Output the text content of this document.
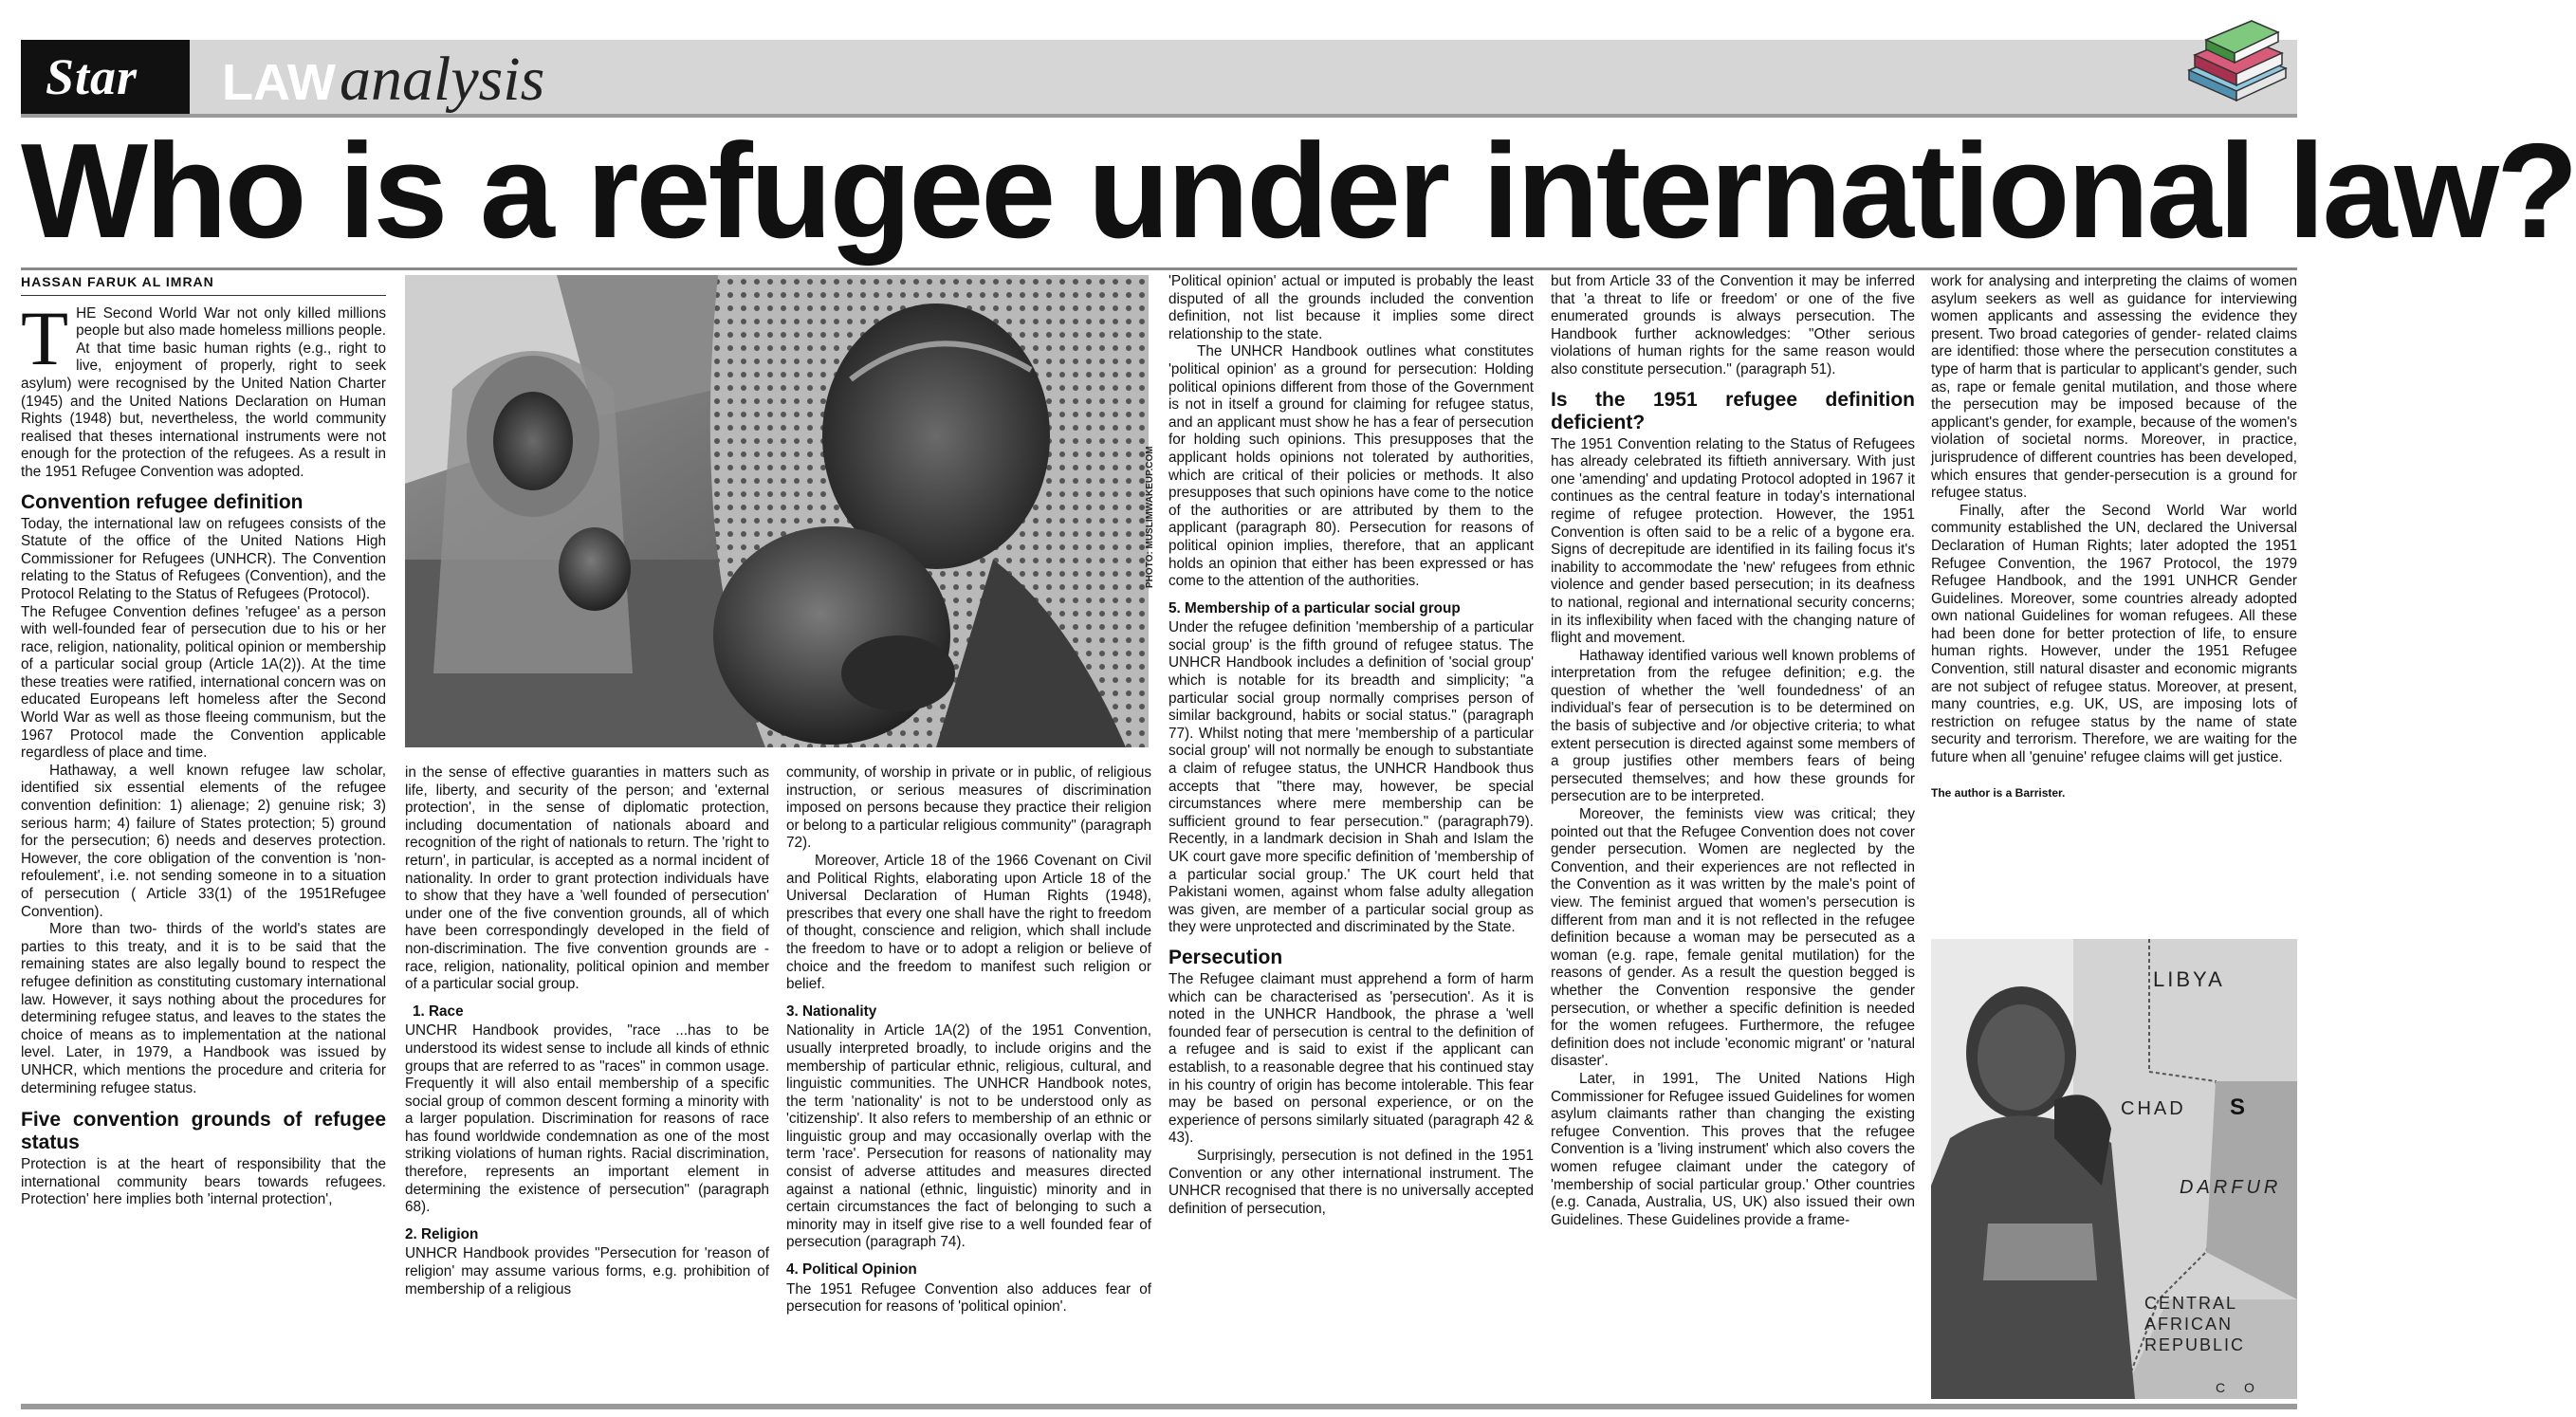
Star	LAWanalysis
Who is a refugee under international law?
HASSAN FARUK AL IMRAN

THE Second World War not only killed millions people but also made homeless millions people. At that time basic human rights (e.g., right to live, enjoyment of properly, right to seek asylum) were recognised by the United Nation Charter (1945) and the United Nations Declaration on Human Rights (1948) but, nevertheless, the world community realised that theses international instruments were not enough for the protection of the refugees. As a result in the 1951 Refugee Convention was adopted.

Convention refugee definition

Today, the international law on refugees consists of the Statute of the office of the United Nations High Commissioner for Refugees (UNHCR). The Convention relating to the Status of Refugees (Convention), and the Protocol Relating to the Status of Refugees (Protocol).

The Refugee Convention defines 'refugee' as a person with well-founded fear of persecution due to his or her race, religion, nationality, political opinion or membership of a particular social group (Article 1A(2)). At the time these treaties were ratified, international concern was on educated Europeans left homeless after the Second World War as well as those fleeing communism, but the 1967 Protocol made the Convention applicable regardless of place and time.

Hathaway, a well known refugee law scholar, identified six essential elements of the refugee convention definition: 1) alienage; 2) genuine risk; 3) serious harm; 4) failure of States protection; 5) ground for the persecution; 6) needs and deserves protection. However, the core obligation of the convention is 'non-refoulement', i.e. not sending someone in to a situation of persecution ( Article 33(1) of the 1951Refugee Convention).

More than two- thirds of the world's states are parties to this treaty, and it is to be said that the remaining states are also legally bound to respect the refugee definition as constituting customary international law. However, it says nothing about the procedures for determining refugee status, and leaves to the states the choice of means as to implementation at the national level. Later, in 1979, a Handbook was issued by UNHCR, which mentions the procedure and criteria for determining refugee status.

Five convention grounds of refugee status

Protection is at the heart of responsibility that the international community bears towards refugees. Protection' here implies both 'internal protection',

PHOTO: MUSLIMWAKEUP.COM

in the sense of effective guaranties in matters such as life, liberty, and security of the person; and 'external protection', in the sense of diplomatic protection, including documentation of nationals aboard and recognition of the right of nationals to return. The 'right to return', in particular, is accepted as a normal incident of nationality. In order to grant protection individuals have to show that they have a 'well founded of persecution' under one of the five convention grounds, all of which have been correspondingly developed in the field of non-discrimination. The five convention grounds are - race, religion, nationality, political opinion and member of a particular social group.

1. Race

UNCHR Handbook provides, "race ...has to be understood its widest sense to include all kinds of ethnic groups that are referred to as "races" in common usage. Frequently it will also entail membership of a specific social group of common descent forming a minority with a larger population. Discrimination for reasons of race has found worldwide condemnation as one of the most striking violations of human rights. Racial discrimination, therefore, represents an important element in determining the existence of persecution" (paragraph 68).

2. Religion

UNHCR Handbook provides "Persecution for 'reason of religion' may assume various forms, e.g. prohibition of membership of a religious

community, of worship in private or in public, of religious instruction, or serious measures of discrimination imposed on persons because they practice their religion or belong to a particular religious community" (paragraph 72).

Moreover, Article 18 of the 1966 Covenant on Civil and Political Rights, elaborating upon Article 18 of the Universal Declaration of Human Rights (1948), prescribes that every one shall have the right to freedom of thought, conscience and religion, which shall include the freedom to have or to adopt a religion or believe of choice and the freedom to manifest such religion or belief.

3. Nationality

Nationality in Article 1A(2) of the 1951 Convention, usually interpreted broadly, to include origins and the membership of particular ethnic, religious, cultural, and linguistic communities. The UNHCR Handbook notes, the term 'nationality' is not to be understood only as 'citizenship'. It also refers to membership of an ethnic or linguistic group and may occasionally overlap with the term 'race'. Persecution for reasons of nationality may consist of adverse attitudes and measures directed against a national (ethnic, linguistic) minority and in certain circumstances the fact of belonging to such a minority may in itself give rise to a well founded fear of persecution (paragraph 74).

4. Political Opinion

The 1951 Refugee Convention also adduces fear of persecution for reasons of 'political opinion'.

'Political opinion' actual or imputed is probably the least disputed of all the grounds included the convention definition, not list because it implies some direct relationship to the state.

The UNHCR Handbook outlines what constitutes 'political opinion' as a ground for persecution: Holding political opinions different from those of the Government is not in itself a ground for claiming for refugee status, and an applicant must show he has a fear of persecution for holding such opinions. This presupposes that the applicant holds opinions not tolerated by authorities, which are critical of their policies or methods. It also presupposes that such opinions have come to the notice of the authorities or are attributed by them to the applicant (paragraph 80). Persecution for reasons of political opinion implies, therefore, that an applicant holds an opinion that either has been expressed or has come to the attention of the authorities.

5. Membership of a particular social group

Under the refugee definition 'membership of a particular social group' is the fifth ground of refugee status. The UNHCR Handbook includes a definition of 'social group' which is notable for its breadth and simplicity; "a particular social group normally comprises person of similar background, habits or social status." (paragraph 77). Whilst noting that mere 'membership of a particular social group' will not normally be enough to substantiate a claim of refugee status, the UNHCR Handbook thus accepts that "there may, however, be special circumstances where mere membership can be sufficient ground to fear persecution." (paragraph79). Recently, in a landmark decision in Shah and Islam the UK court gave more specific definition of 'membership of a particular social group.' The UK court held that Pakistani women, against whom false adulty allegation was given, are member of a particular social group as they were unprotected and discriminated by the State.

Persecution

The Refugee claimant must apprehend a form of harm which can be characterised as 'persecution'. As it is noted in the UNHCR Handbook, the phrase a 'well founded fear of persecution is central to the definition of a refugee and is said to exist if the applicant can establish, to a reasonable degree that his continued stay in his country of origin has become intolerable. This fear may be based on personal experience, or on the experience of persons similarly situated (paragraph 42 & 43).

Surprisingly, persecution is not defined in the 1951 Convention or any other international instrument. The UNHCR recognised that there is no universally accepted definition of persecution,

but from Article 33 of the Convention it may be inferred that 'a threat to life or freedom' or one of the five enumerated grounds is always persecution. The Handbook further acknowledges: "Other serious violations of human rights for the same reason would also constitute persecution." (paragraph 51).

Is the 1951 refugee definition deficient?

The 1951 Convention relating to the Status of Refugees has already celebrated its fiftieth anniversary. With just one 'amending' and updating Protocol adopted in 1967 it continues as the central feature in today's international regime of refugee protection. However, the 1951 Convention is often said to be a relic of a bygone era. Signs of decrepitude are identified in its failing focus it's inability to accommodate the 'new' refugees from ethnic violence and gender based persecution; in its deafness to national, regional and international security concerns; in its inflexibility when faced with the changing nature of flight and movement.

Hathaway identified various well known problems of interpretation from the refugee definition; e.g. the question of whether the 'well foundedness' of an individual's fear of persecution is to be determined on the basis of subjective and /or objective criteria; to what extent persecution is directed against some members of a group justifies other members fears of being persecuted themselves; and how these grounds for persecution are to be interpreted.

Moreover, the feminists view was critical; they pointed out that the Refugee Convention does not cover gender persecution. Women are neglected by the Convention, and their experiences are not reflected in the Convention as it was written by the male's point of view. The feminist argued that women's persecution is different from man and it is not reflected in the refugee definition because a woman may be persecuted as a woman (e.g. rape, female genital mutilation) for the reasons of gender. As a result the question begged is whether the Convention responsive the gender persecution, or whether a specific definition is needed for the women refugees. Furthermore, the refugee definition does not include 'economic migrant' or 'natural disaster'.

Later, in 1991, The United Nations High Commissioner for Refugee issued Guidelines for women asylum claimants rather than changing the existing refugee Convention. This proves that the refugee Convention is a 'living instrument' which also covers the women refugee claimant under the category of 'membership of social particular group.' Other countries (e.g. Canada, Australia, US, UK) also issued their own Guidelines. These Guidelines provide a frame-

work for analysing and interpreting the claims of women asylum seekers as well as guidance for interviewing women applicants and assessing the evidence they present. Two broad categories of gender- related claims are identified: those where the persecution constitutes a type of harm that is particular to applicant's gender, such as, rape or female genital mutilation, and those where the persecution may be imposed because of the applicant's gender, for example, because of the women's violation of societal norms. Moreover, in practice, jurisprudence of different countries has been developed, which ensures that gender-persecution is a ground for refugee status.

Finally, after the Second World War world community established the UN, declared the Universal Declaration of Human Rights; later adopted the 1951 Refugee Convention, the 1967 Protocol, the 1979 Refugee Handbook, and the 1991 UNHCR Gender Guidelines. Moreover, some countries already adopted own national Guidelines for woman refugees. All these had been done for better protection of life, to ensure human rights. However, under the 1951 Refugee Convention, still natural disaster and economic migrants are not subject of refugee status. Moreover, at present, many countries, e.g. UK, US, are imposing lots of restriction on refugee status by the name of state security and terrorism. Therefore, we are waiting for the future when all 'genuine' refugee claims will get justice.

The author is a Barrister.
LIBYA
CHAD S
DARFUR
CENTRAL
AFRICAN
REPUBLIC
C O
